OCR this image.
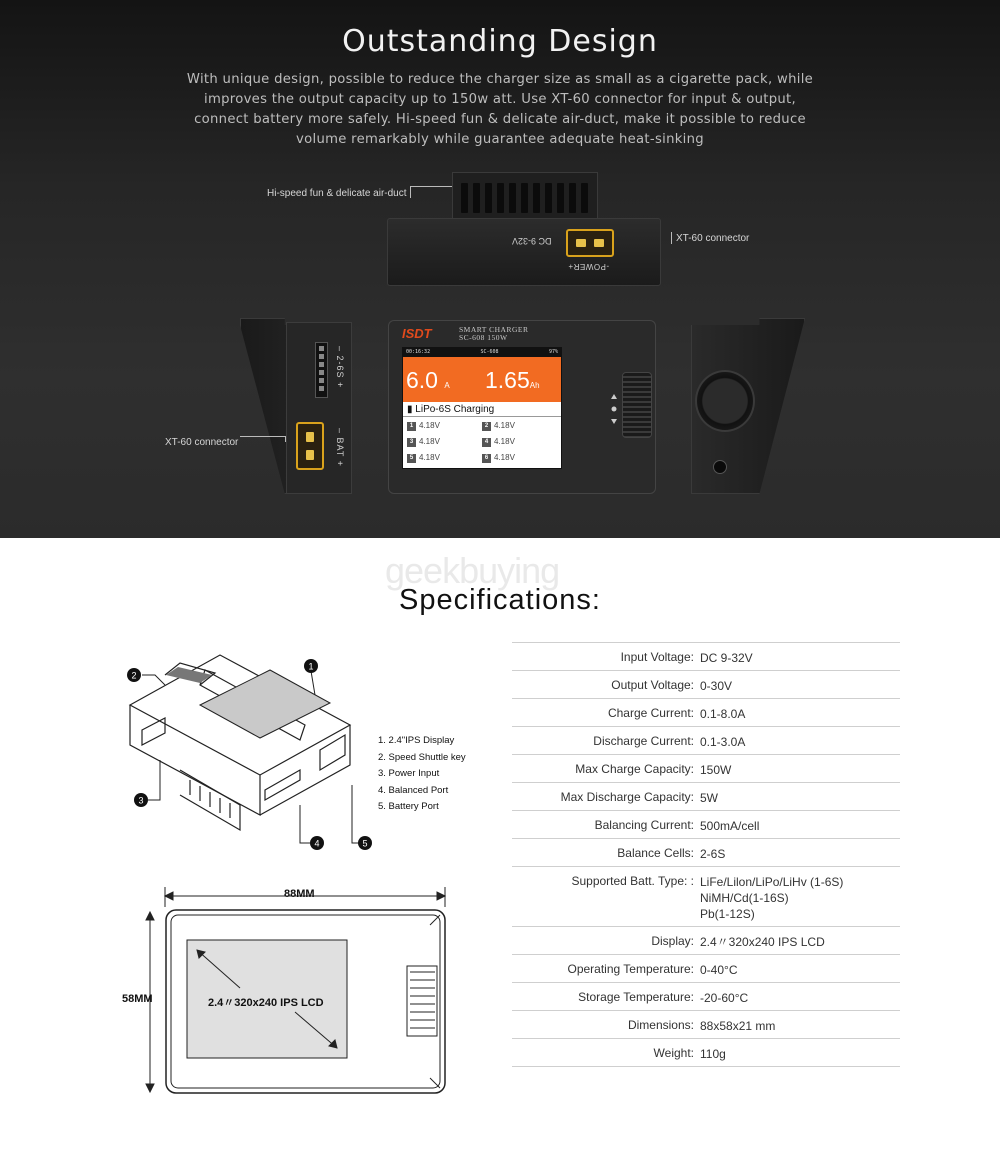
Outstanding Design
With unique design, possible to reduce the charger size as small as a cigarette pack, while improves the output capacity up to 150w att. Use XT-60 connector for input & output, connect battery more safely. Hi-speed fun & delicate air-duct, make it possible to reduce volume remarkably while guarantee adequate heat-sinking
DC 9-32V
-POWER+
Hi-speed fun & delicate air-duct
XT-60 connector
– 2-6S +
– BAT +
XT-60 connector
ISDT	SMART CHARGER
SC-608 150W
00:16:32	SC-608	97%
6.0 A 1.65Ah
▮ LiPo-6S Charging
1 4.18V	2 4.18V
3 4.18V	4 4.18V
5 4.18V	6 4.18V
geekbuying
Specifications:
1
2
3
4	5
1. 2.4"IPS Display
2. Speed Shuttle key
3. Power Input
4. Balanced Port
5. Battery Port
88MM
58MM	2.4〃320x240 IPS LCD
Input Voltage: DC 9-32V
Output Voltage: 0-30V
Charge Current: 0.1-8.0A
Discharge Current: 0.1-3.0A
Max Charge Capacity: 150W
Max Discharge Capacity: 5W
Balancing Current: 500mA/cell
Balance Cells: 2-6S
Supported Batt. Type: : LiFe/Lilon/LiPo/LiHv (1-6S)
NiMH/Cd(1-16S)
Pb(1-12S)
Display: 2.4〃320x240 IPS LCD
Operating Temperature: 0-40°C
Storage Temperature: -20-60°C
Dimensions: 88x58x21 mm
Weight: 110g
